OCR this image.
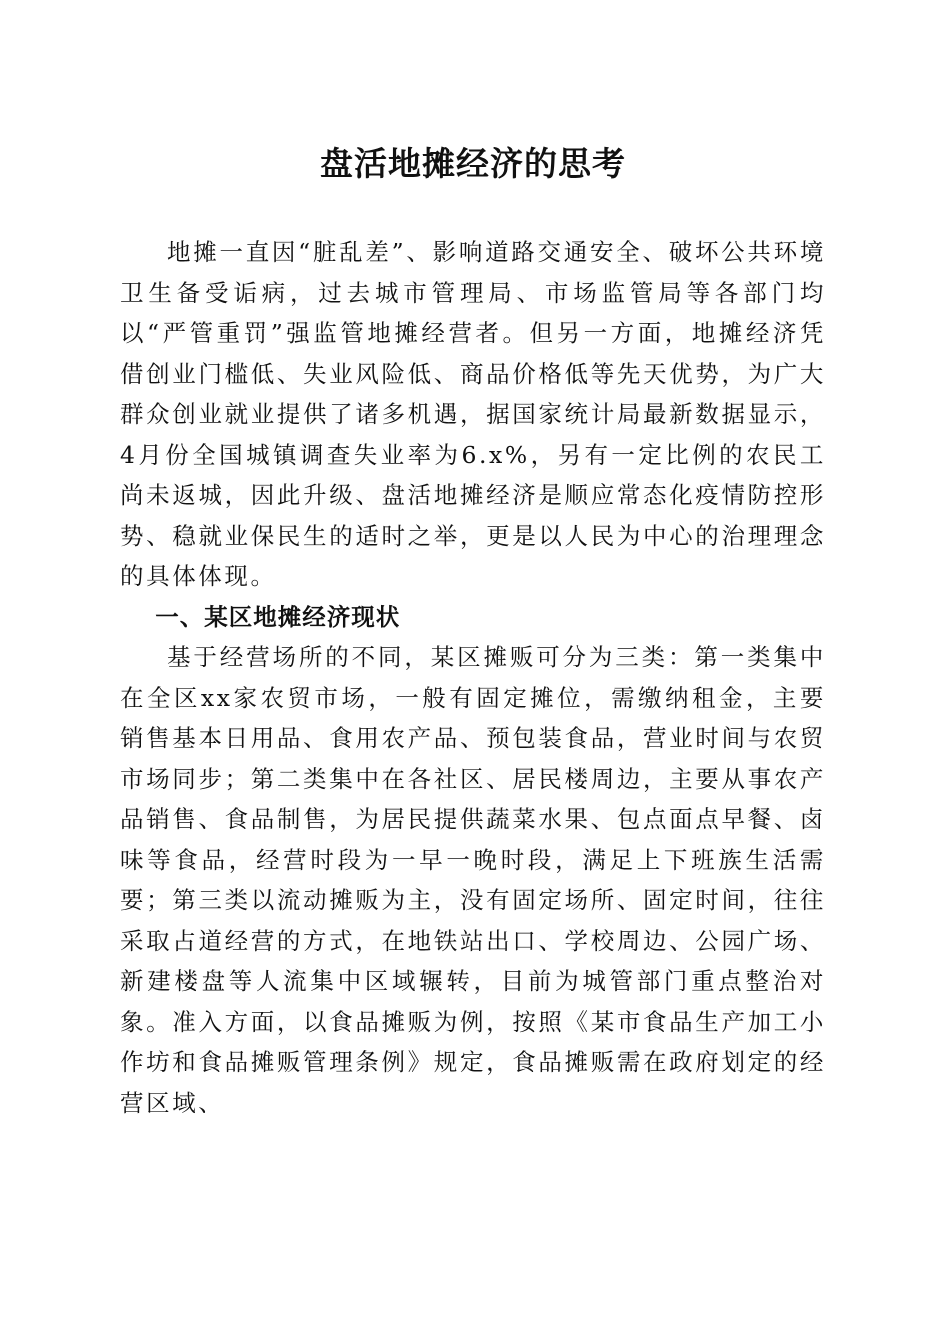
盘活地摊经济的思考

地摊一直因“脏乱差”、影响道路交通安全、破坏公共环境卫生备受诟病，过去城市管理局、市场监管局等各部门均以“严管重罚”强监管地摊经营者。但另一方面，地摊经济凭借创业门槛低、失业风险低、商品价格低等先天优势，为广大群众创业就业提供了诸多机遇，据国家统计局最新数据显示，4月份全国城镇调查失业率为6.x%，另有一定比例的农民工尚未返城，因此升级、盘活地摊经济是顺应常态化疫情防控形势、稳就业保民生的适时之举，更是以人民为中心的治理理念的具体体现。

一、某区地摊经济现状

基于经营场所的不同，某区摊贩可分为三类：第一类集中在全区xx家农贸市场，一般有固定摊位，需缴纳租金，主要销售基本日用品、食用农产品、预包装食品，营业时间与农贸市场同步；第二类集中在各社区、居民楼周边，主要从事农产品销售、食品制售，为居民提供蔬菜水果、包点面点早餐、卤味等食品，经营时段为一早一晚时段，满足上下班族生活需要；第三类以流动摊贩为主，没有固定场所、固定时间，往往采取占道经营的方式，在地铁站出口、学校周边、公园广场、新建楼盘等人流集中区域辗转，目前为城管部门重点整治对象。准入方面，以食品摊贩为例，按照《某市食品生产加工小作坊和食品摊贩管理条例》规定，食品摊贩需在政府划定的经营区域、
